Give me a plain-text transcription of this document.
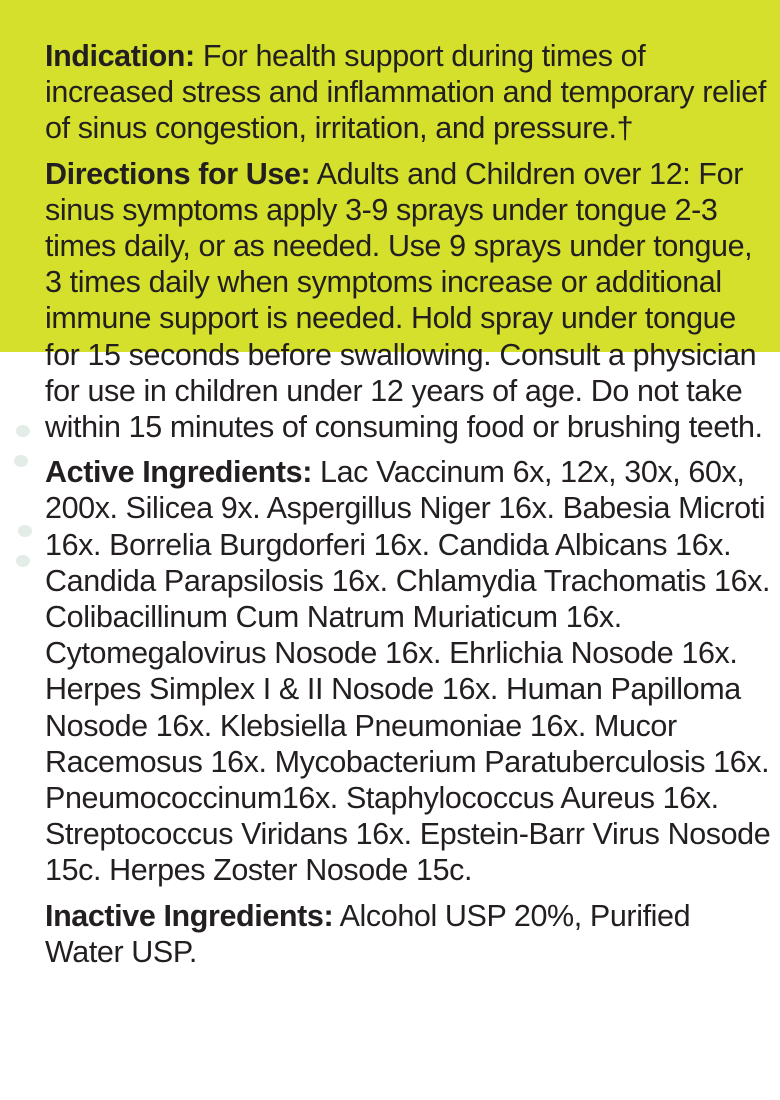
Indication: For health support during times of increased stress and inflammation and temporary relief of sinus congestion, irritation, and pressure.†

Directions for Use: Adults and Children over 12: For sinus symptoms apply 3-9 sprays under tongue 2-3 times daily, or as needed. Use 9 sprays under tongue, 3 times daily when symptoms increase or additional immune support is needed. Hold spray under tongue for 15 seconds before swallowing. Consult a physician for use in children under 12 years of age. Do not take within 15 minutes of consuming food or brushing teeth.

Active Ingredients: Lac Vaccinum 6x, 12x, 30x, 60x, 200x. Silicea 9x. Aspergillus Niger 16x. Babesia Microti 16x. Borrelia Burgdorferi 16x. Candida Albicans 16x. Candida Parapsilosis 16x. Chlamydia Trachomatis 16x. Colibacillinum Cum Natrum Muriaticum 16x. Cytomegalovirus Nosode 16x. Ehrlichia Nosode 16x. Herpes Simplex I & II Nosode 16x. Human Papilloma Nosode 16x. Klebsiella Pneumoniae 16x. Mucor Racemosus 16x. Mycobacterium Paratuberculosis 16x. Pneumococcinum16x. Staphylococcus Aureus 16x. Streptococcus Viridans 16x. Epstein-Barr Virus Nosode 15c. Herpes Zoster Nosode 15c.

Inactive Ingredients: Alcohol USP 20%, Purified Water USP.
